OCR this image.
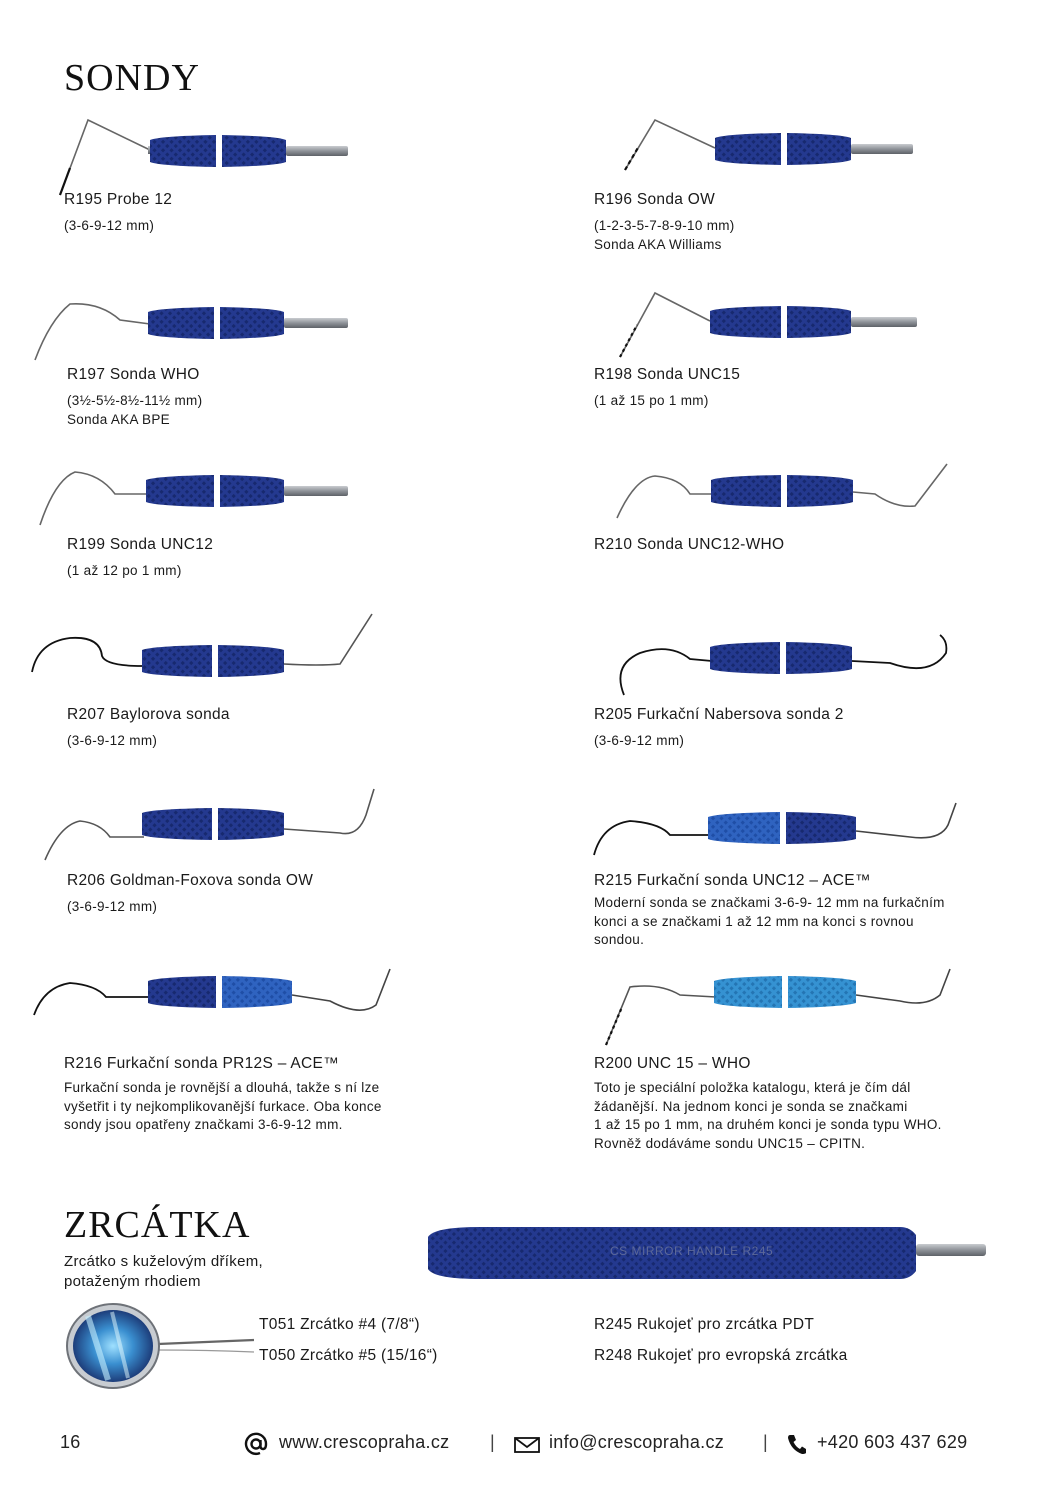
SONDY
R195 Probe 12
(3-6-9-12 mm)
R196 Sonda OW
(1-2-3-5-7-8-9-10 mm)
Sonda AKA Williams
R197 Sonda WHO
(3½-5½-8½-11½ mm)
Sonda AKA BPE
R198 Sonda UNC15
(1 až 15 po 1 mm)
R199 Sonda UNC12
(1 až 12 po 1 mm)
R210 Sonda UNC12-WHO
R207 Baylorova sonda
(3-6-9-12 mm)
R205 Furkační Nabersova sonda 2
(3-6-9-12 mm)
R206 Goldman-Foxova sonda OW
(3-6-9-12 mm)
R215 Furkační sonda UNC12 – ACE™
Moderní sonda se značkami 3-6-9- 12 mm na furkačním
konci a se značkami 1 až 12 mm na konci s rovnou
sondou.
R216 Furkační sonda PR12S – ACE™
Furkační sonda je rovnější a dlouhá, takže s ní lze
vyšetřit i ty nejkomplikovanější furkace. Oba konce
sondy jsou opatřeny značkami 3-6-9-12 mm.
R200 UNC 15 – WHO
Toto je speciální položka katalogu, která je čím dál
žádanější. Na jednom konci je sonda se značkami
1 až 15 po 1 mm, na druhém konci je sonda typu WHO.
Rovněž dodáváme sondu UNC15 – CPITN.
ZRCÁTKA
Zrcátko s kuželovým dříkem,
potaženým rhodiem
CS MIRROR HANDLE R245
T051 Zrcátko #4 (7/8“)
T050 Zrcátko #5 (15/16“)
R245 Rukojeť pro zrcátka PDT
R248 Rukojeť pro evropská zrcátka
16	www.crescopraha.cz |	info@crescopraha.cz |	+420 603 437 629
